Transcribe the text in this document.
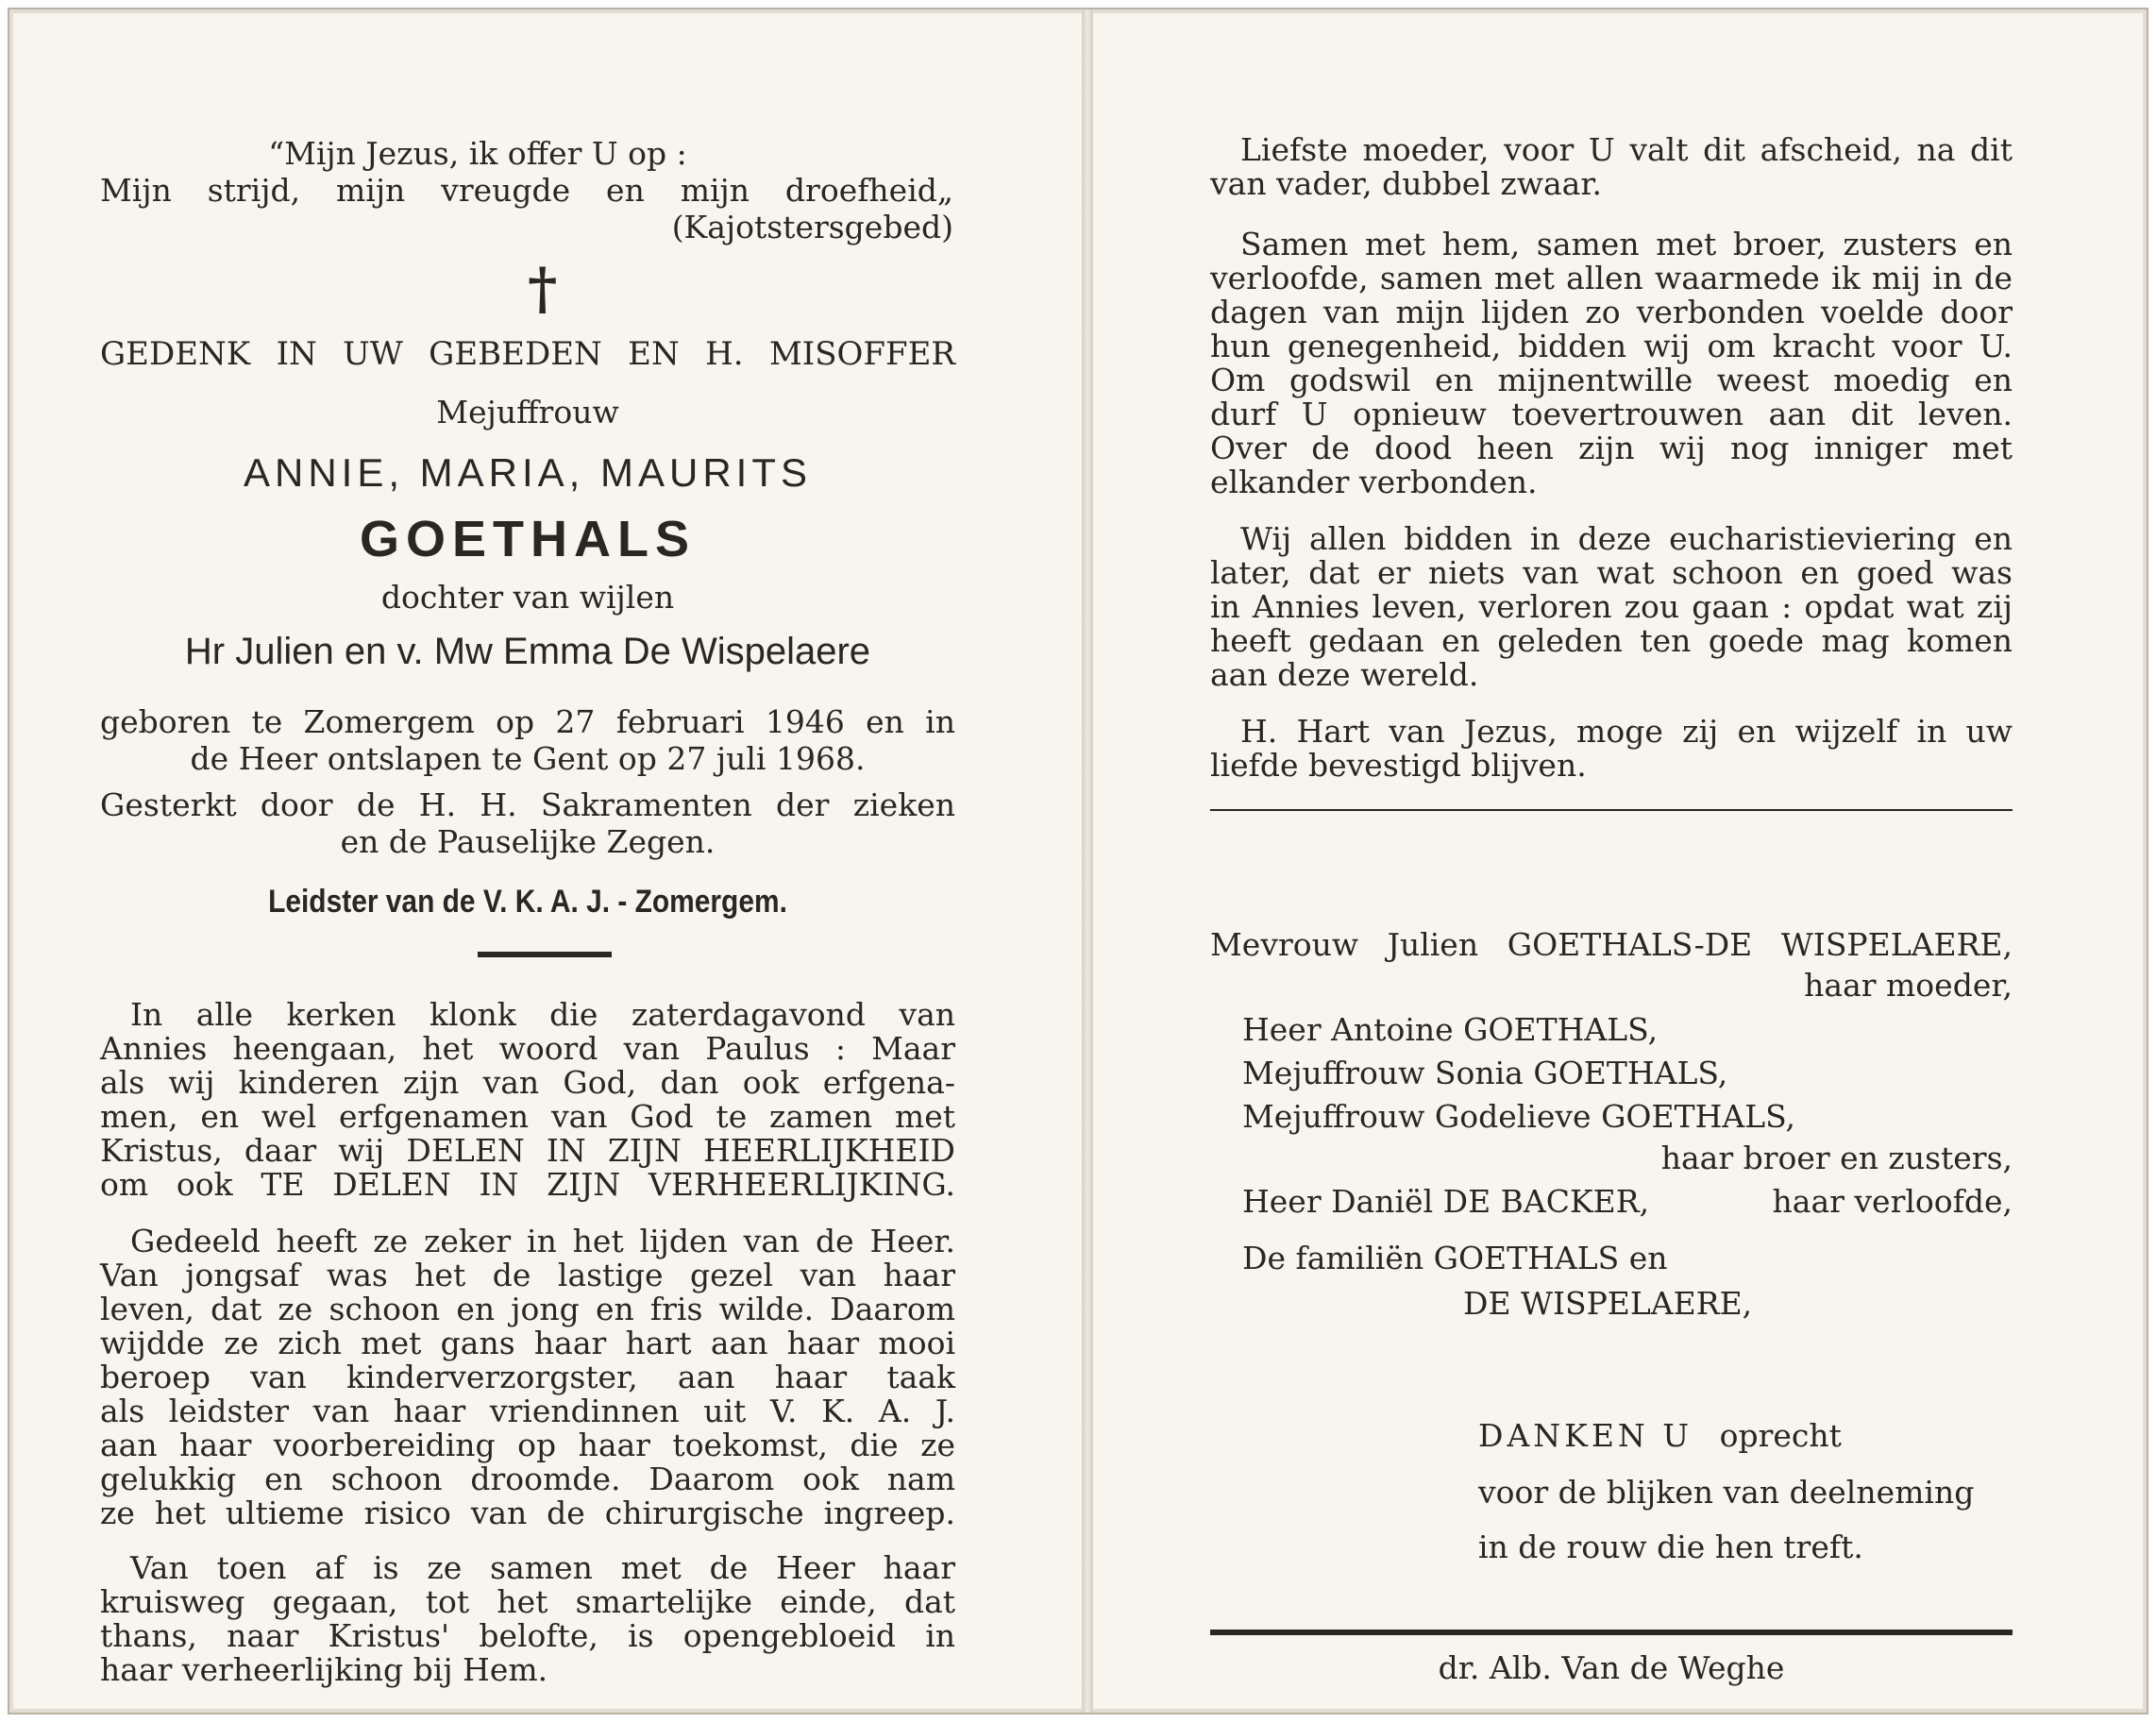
“Mijn Jezus, ik offer U op :
Mijn strijd, mijn vreugde en mijn droefheid„
(Kajotstersgebed)
†
GEDENK IN UW GEBEDEN EN H. MISOFFER
Mejuffrouw
ANNIE, MARIA, MAURITS
GOETHALS
dochter van wijlen
Hr Julien en v. Mw Emma De Wispelaere
geboren te Zomergem op 27 februari 1946 en in
de Heer ontslapen te Gent op 27 juli 1968.
Gesterkt door de H. H. Sakramenten der zieken
en de Pauselijke Zegen.
Leidster van de V. K. A. J. - Zomergem.
In alle kerken klonk die zaterdagavond van
Annies heengaan, het woord van Paulus : Maar
als wij kinderen zijn van God, dan ook erfgena-
men, en wel erfgenamen van God te zamen met
Kristus, daar wij DELEN IN ZIJN HEERLIJKHEID
om ook TE DELEN IN ZIJN VERHEERLIJKING.
Gedeeld heeft ze zeker in het lijden van de Heer.
Van jongsaf was het de lastige gezel van haar
leven, dat ze schoon en jong en fris wilde. Daarom
wijdde ze zich met gans haar hart aan haar mooi
beroep van kinderverzorgster, aan haar taak
als leidster van haar vriendinnen uit V. K. A. J.
aan haar voorbereiding op haar toekomst, die ze
gelukkig en schoon droomde. Daarom ook nam
ze het ultieme risico van de chirurgische ingreep.
Van toen af is ze samen met de Heer haar
kruisweg gegaan, tot het smartelijke einde, dat
thans, naar Kristus' belofte, is opengebloeid in
haar verheerlijking bij Hem.
Liefste moeder, voor U valt dit afscheid, na dit
van vader, dubbel zwaar.
Samen met hem, samen met broer, zusters en
verloofde, samen met allen waarmede ik mij in de
dagen van mijn lijden zo verbonden voelde door
hun genegenheid, bidden wij om kracht voor U.
Om godswil en mijnentwille weest moedig en
durf U opnieuw toevertrouwen aan dit leven.
Over de dood heen zijn wij nog inniger met
elkander verbonden.
Wij allen bidden in deze eucharistieviering en
later, dat er niets van wat schoon en goed was
in Annies leven, verloren zou gaan : opdat wat zij
heeft gedaan en geleden ten goede mag komen
aan deze wereld.
H. Hart van Jezus, moge zij en wijzelf in uw
liefde bevestigd blijven.
Mevrouw Julien GOETHALS-DE WISPELAERE,
haar moeder,
Heer Antoine GOETHALS,
Mejuffrouw Sonia GOETHALS,
Mejuffrouw Godelieve GOETHALS,
haar broer en zusters,
Heer Daniël DE BACKER,	haar verloofde,
De familiën GOETHALS en
DE WISPELAERE,
DANKEN U oprecht
voor de blijken van deelneming
in de rouw die hen treft.
dr. Alb. Van de Weghe
